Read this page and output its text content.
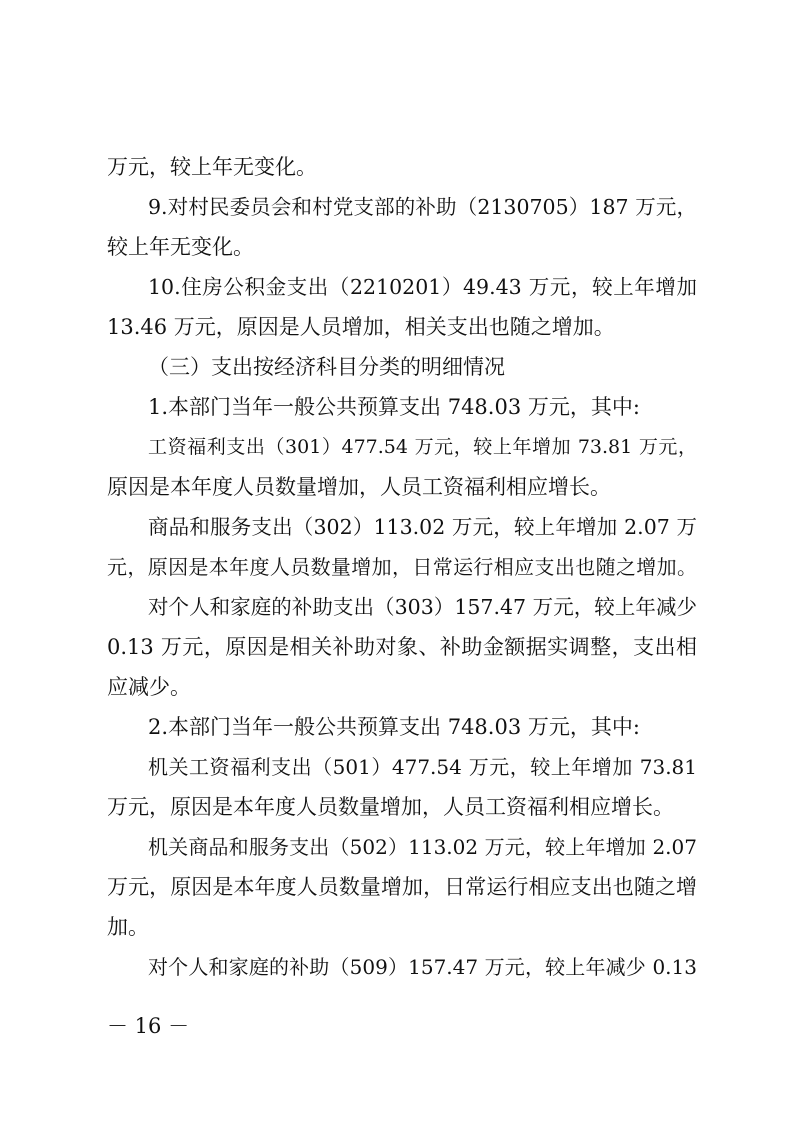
万元，较上年无变化。
9.对村民委员会和村党支部的补助（2130705）187 万元，
较上年无变化。
10.住房公积金支出（2210201）49.43 万元，较上年增加
13.46 万元，原因是人员增加，相关支出也随之增加。
（三）支出按经济科目分类的明细情况
1.本部门当年一般公共预算支出 748.03 万元，其中:
工资福利支出（301）477.54 万元，较上年增加 73.81 万元，
原因是本年度人员数量增加，人员工资福利相应增长。
商品和服务支出（302）113.02 万元，较上年增加 2.07 万
元，原因是本年度人员数量增加，日常运行相应支出也随之增加。
对个人和家庭的补助支出（303）157.47 万元，较上年减少
0.13 万元，原因是相关补助对象、补助金额据实调整，支出相
应减少。
2.本部门当年一般公共预算支出 748.03 万元，其中:
机关工资福利支出（501）477.54 万元，较上年增加 73.81
万元，原因是本年度人员数量增加，人员工资福利相应增长。
机关商品和服务支出（502）113.02 万元，较上年增加 2.07
万元，原因是本年度人员数量增加，日常运行相应支出也随之增
加。
对个人和家庭的补助（509）157.47 万元，较上年减少 0.13
－ 16 －
